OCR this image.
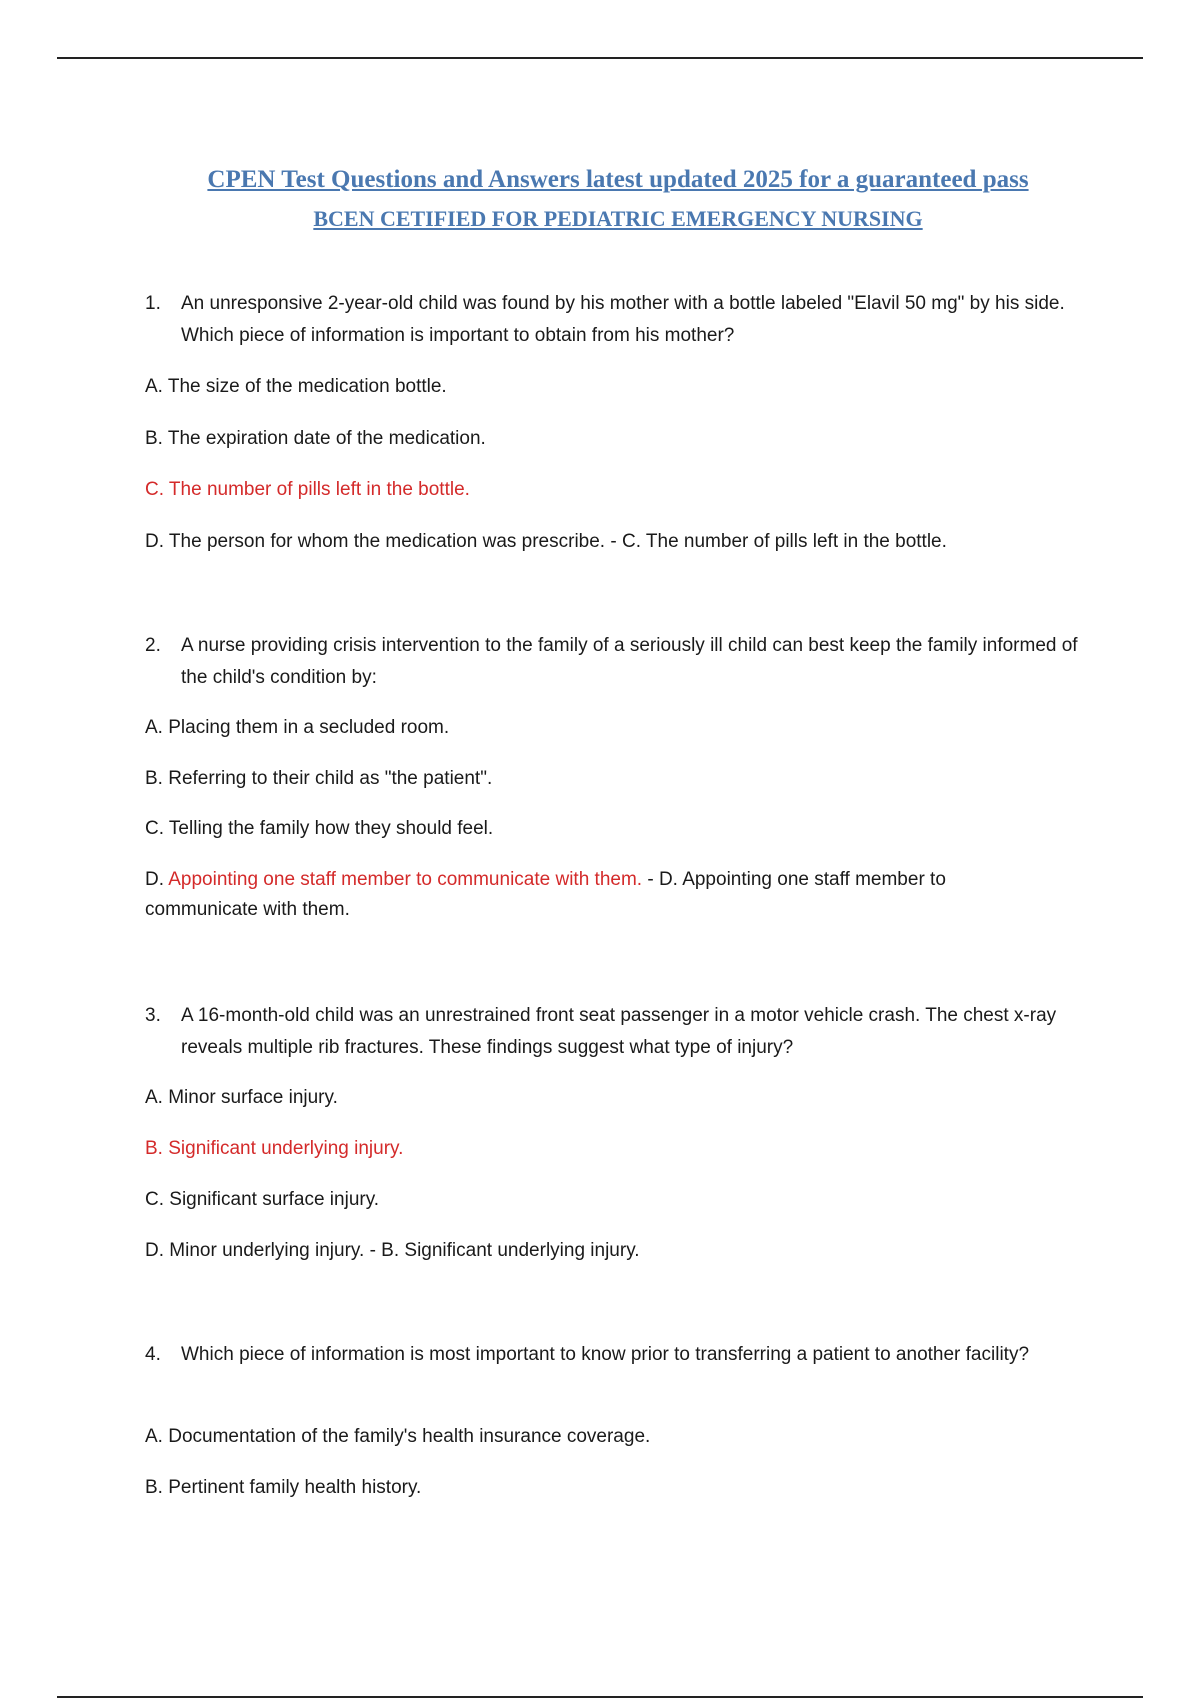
CPEN Test Questions and Answers latest updated 2025 for a guaranteed pass
BCEN CETIFIED FOR PEDIATRIC EMERGENCY NURSING
1.	An unresponsive 2-year-old child was found by his mother with a bottle labeled "Elavil 50 mg" by his side. Which piece of information is important to obtain from his mother?
A. The size of the medication bottle.
B. The expiration date of the medication.
C. The number of pills left in the bottle.
D. The person for whom the medication was prescribe. - C. The number of pills left in the bottle.
2.	A nurse providing crisis intervention to the family of a seriously ill child can best keep the family informed of the child's condition by:
A. Placing them in a secluded room.
B. Referring to their child as "the patient".
C. Telling the family how they should feel.
D. Appointing one staff member to communicate with them. - D. Appointing one staff member to communicate with them.
3.	A 16-month-old child was an unrestrained front seat passenger in a motor vehicle crash. The chest x-ray reveals multiple rib fractures. These findings suggest what type of injury?
A. Minor surface injury.
B. Significant underlying injury.
C. Significant surface injury.
D. Minor underlying injury. - B. Significant underlying injury.
4.	Which piece of information is most important to know prior to transferring a patient to another facility?
A. Documentation of the family's health insurance coverage.
B. Pertinent family health history.
